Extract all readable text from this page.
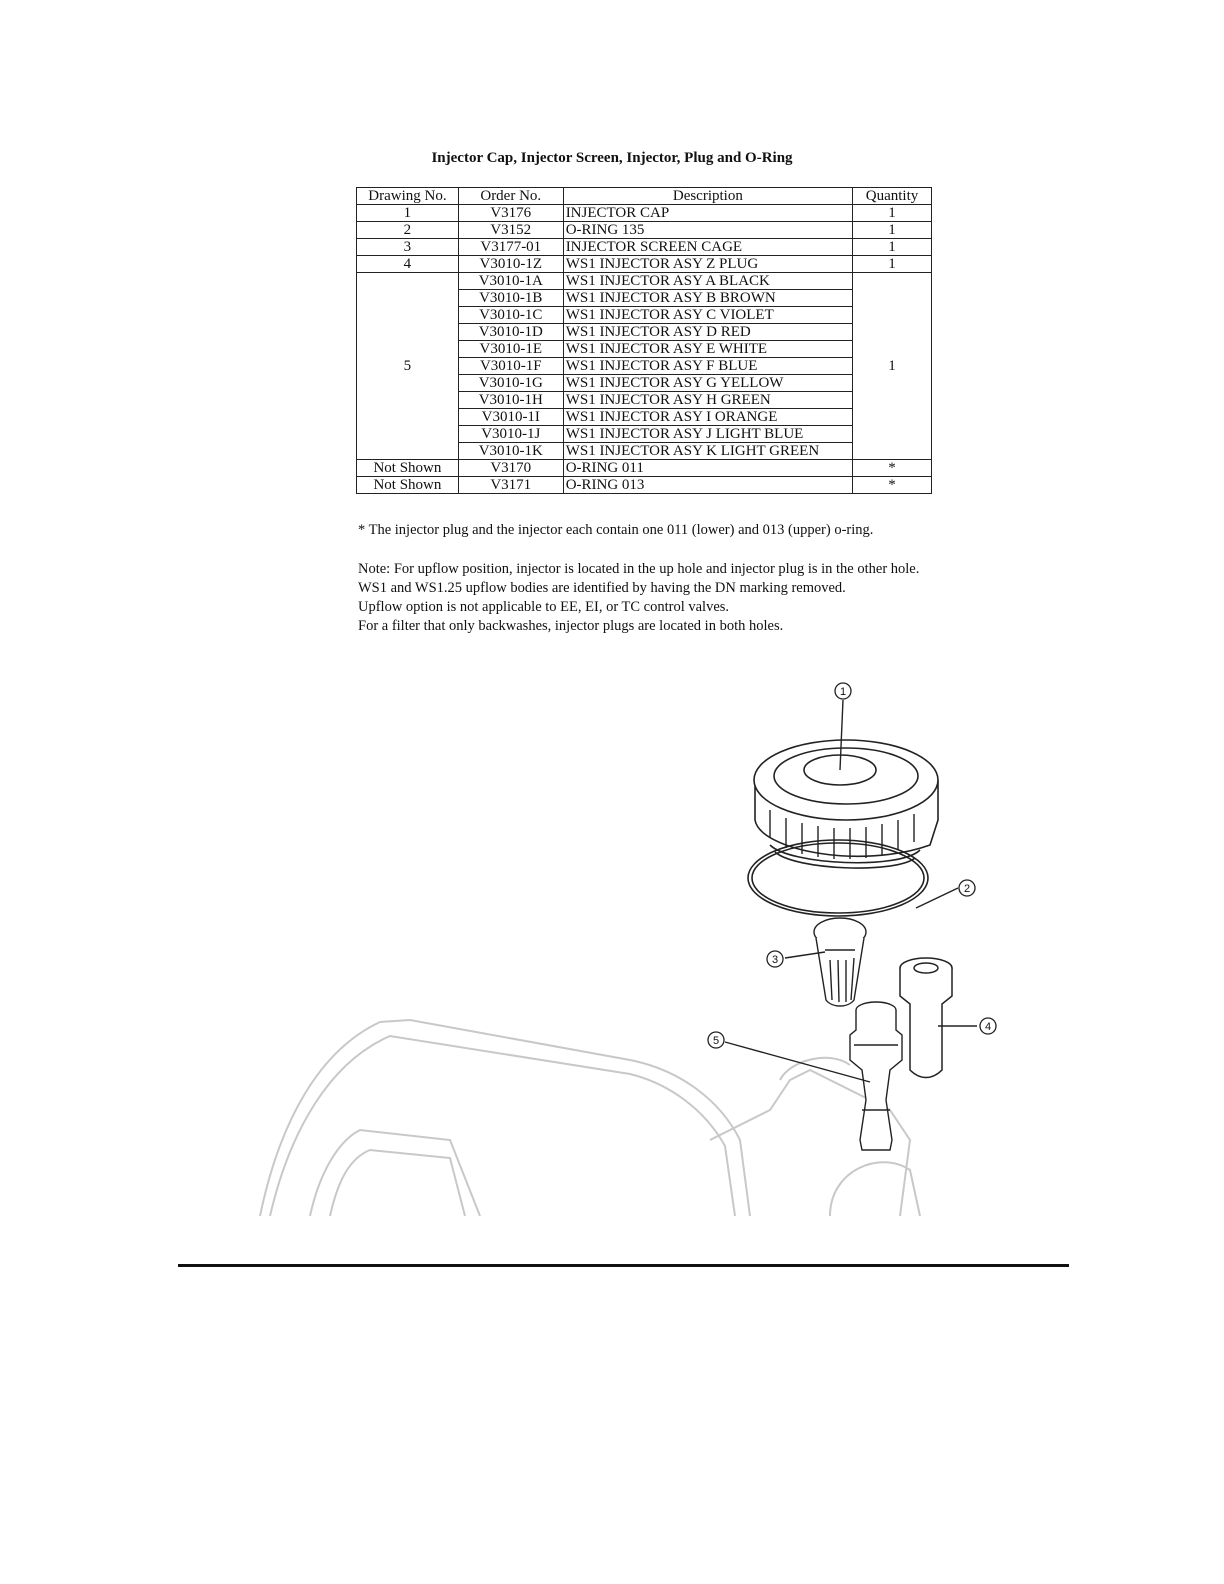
Injector Cap, Injector Screen, Injector, Plug and O-Ring
Drawing No.	Order No.	Description	Quantity
1	V3176	INJECTOR CAP	1
2	V3152	O-RING 135	1
3	V3177-01	INJECTOR SCREEN CAGE	1
4	V3010-1Z	WS1 INJECTOR ASY Z PLUG	1
5	V3010-1A	WS1 INJECTOR ASY A BLACK	1
	V3010-1B	WS1 INJECTOR ASY B BROWN	
	V3010-1C	WS1 INJECTOR ASY C VIOLET	
	V3010-1D	WS1 INJECTOR ASY D RED	
	V3010-1E	WS1 INJECTOR ASY E WHITE	
	V3010-1F	WS1 INJECTOR ASY F BLUE	
	V3010-1G	WS1 INJECTOR ASY G YELLOW	
	V3010-1H	WS1 INJECTOR ASY H GREEN	
	V3010-1I	WS1 INJECTOR ASY I ORANGE	
	V3010-1J	WS1 INJECTOR ASY J LIGHT BLUE	
	V3010-1K	WS1 INJECTOR ASY K LIGHT GREEN	
Not Shown	V3170	O-RING 011	*
Not Shown	V3171	O-RING 013	*
* The injector plug and the injector each contain one 011 (lower) and 013 (upper) o-ring.
Note: For upflow position, injector is located in the up hole and injector plug is in the other hole.
WS1 and WS1.25 upflow bodies are identified by having the DN marking removed.
Upflow option is not applicable to EE, EI, or TC control valves.
For a filter that only backwashes, injector plugs are located in both holes.
1
2
3
4
5
